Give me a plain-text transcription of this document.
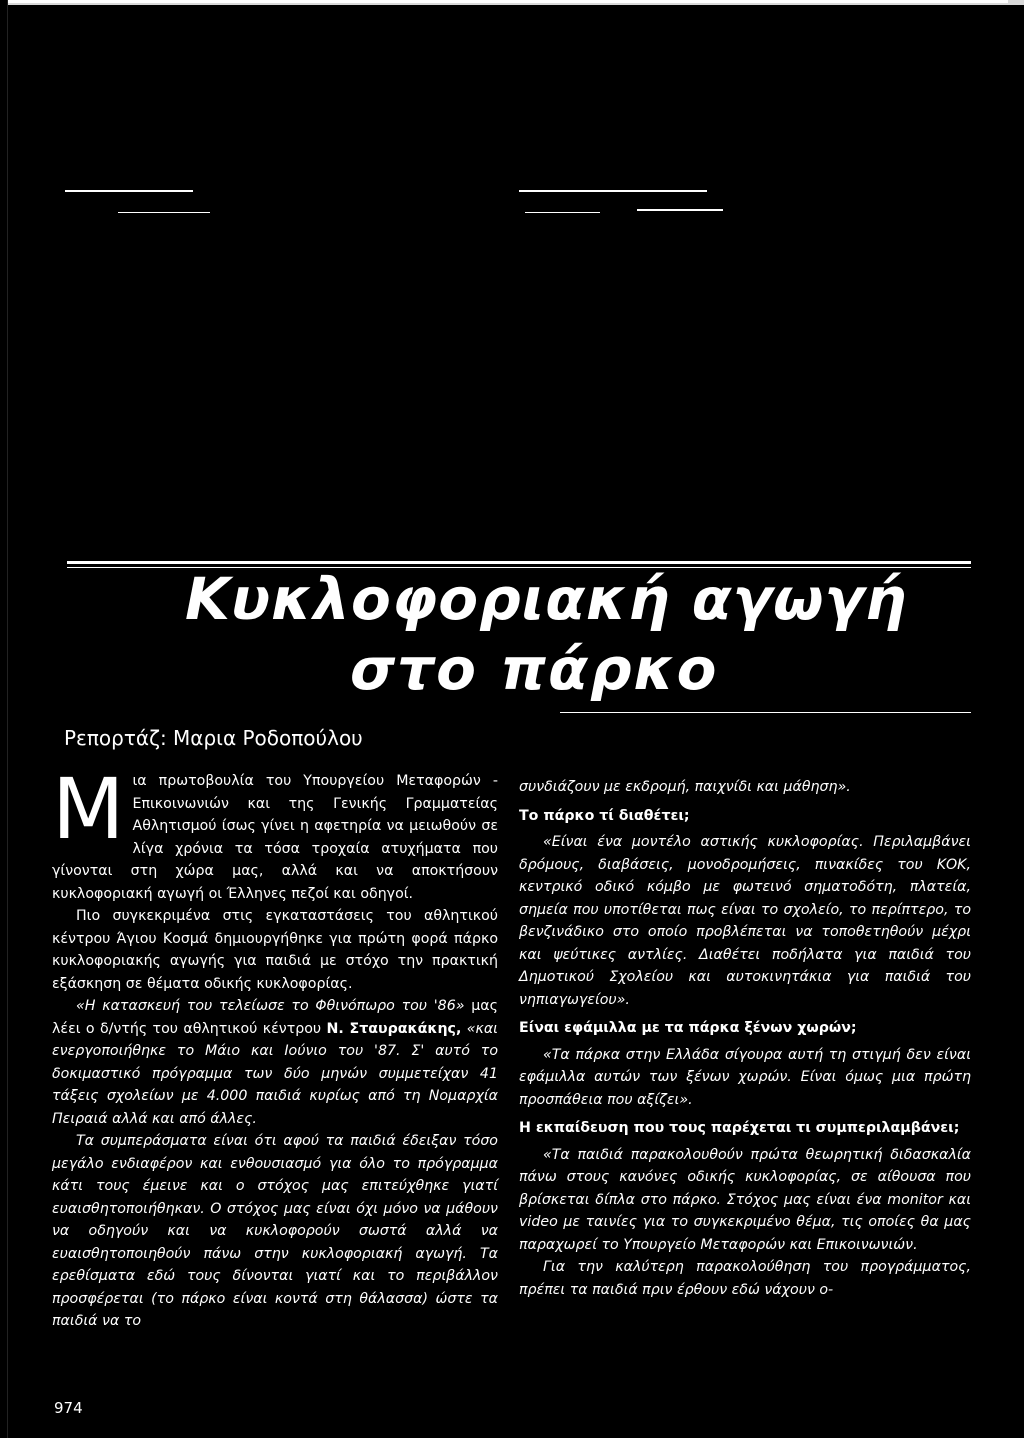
Κυκλοφοριακή αγωγή
στο πάρκο
Ρεπορτάζ: Μαρια Ροδοπούλου

Μια πρωτοβουλία του Υπουργείου Μεταφορών - Επικοινωνιών και της Γενικής Γραμματείας Αθλητισμού ίσως γίνει η αφετηρία να μειωθούν σε λίγα χρόνια τα τόσα τροχαία ατυχήματα που γίνονται στη χώρα μας, αλλά και να αποκτήσουν κυκλοφοριακή αγωγή οι Έλληνες πεζοί και οδηγοί.

Πιο συγκεκριμένα στις εγκαταστάσεις του αθλητικού κέντρου Άγιου Κοσμά δημιουργήθηκε για πρώτη φορά πάρκο κυκλοφοριακής αγωγής για παιδιά με στόχο την πρακτική εξάσκηση σε θέματα οδικής κυκλοφορίας.

«Η κατασκευή του τελείωσε το Φθινόπωρο του '86» μας λέει ο δ/ντής του αθλητικού κέντρου Ν. Σταυρακάκης, «και ενεργοποιήθηκε το Μάιο και Ιούνιο του '87. Σ' αυτό το δοκιμαστικό πρόγραμμα των δύο μηνών συμμετείχαν 41 τάξεις σχολείων με 4.000 παιδιά κυρίως από τη Νομαρχία Πειραιά αλλά και από άλλες.

Τα συμπεράσματα είναι ότι αφού τα παιδιά έδειξαν τόσο μεγάλο ενδιαφέρον και ενθουσιασμό για όλο το πρόγραμμα κάτι τους έμεινε και ο στόχος μας επιτεύχθηκε γιατί ευαισθητοποιήθηκαν. Ο στόχος μας είναι όχι μόνο να μάθουν να οδηγούν και να κυκλοφορούν σωστά αλλά να ευαισθητοποιηθούν πάνω στην κυκλοφοριακή αγωγή. Τα ερεθίσματα εδώ τους δίνονται γιατί και το περιβάλλον προσφέρεται (το πάρκο είναι κοντά στη θάλασσα) ώστε τα παιδιά να το

συνδιάζουν με εκδρομή, παιχνίδι και μάθηση».

Το πάρκο τί διαθέτει;

«Είναι ένα μοντέλο αστικής κυκλοφορίας. Περιλαμβάνει δρόμους, διαβάσεις, μονοδρομήσεις, πινακίδες του ΚΟΚ, κεντρικό οδικό κόμβο με φωτεινό σηματοδότη, πλατεία, σημεία που υποτίθεται πως είναι το σχολείο, το περίπτερο, το βενζινάδικο στο οποίο προβλέπεται να τοποθετηθούν μέχρι και ψεύτικες αντλίες. Διαθέτει ποδήλατα για παιδιά του Δημοτικού Σχολείου και αυτοκινητάκια για παιδιά του νηπιαγωγείου».

Είναι εφάμιλλα με τα πάρκα ξένων χωρών;

«Τα πάρκα στην Ελλάδα σίγουρα αυτή τη στιγμή δεν είναι εφάμιλλα αυτών των ξένων χωρών. Είναι όμως μια πρώτη προσπάθεια που αξίζει».

Η εκπαίδευση που τους παρέχεται τι συμπεριλαμβάνει;

«Τα παιδιά παρακολουθούν πρώτα θεωρητική διδασκαλία πάνω στους κανόνες οδικής κυκλοφορίας, σε αίθουσα που βρίσκεται δίπλα στο πάρκο. Στόχος μας είναι ένα monitor και video με ταινίες για το συγκεκριμένο θέμα, τις οποίες θα μας παραχωρεί το Υπουργείο Μεταφορών και Επικοινωνιών.

Για την καλύτερη παρακολούθηση του προγράμματος, πρέπει τα παιδιά πριν έρθουν εδώ νάχουν ο-

974
